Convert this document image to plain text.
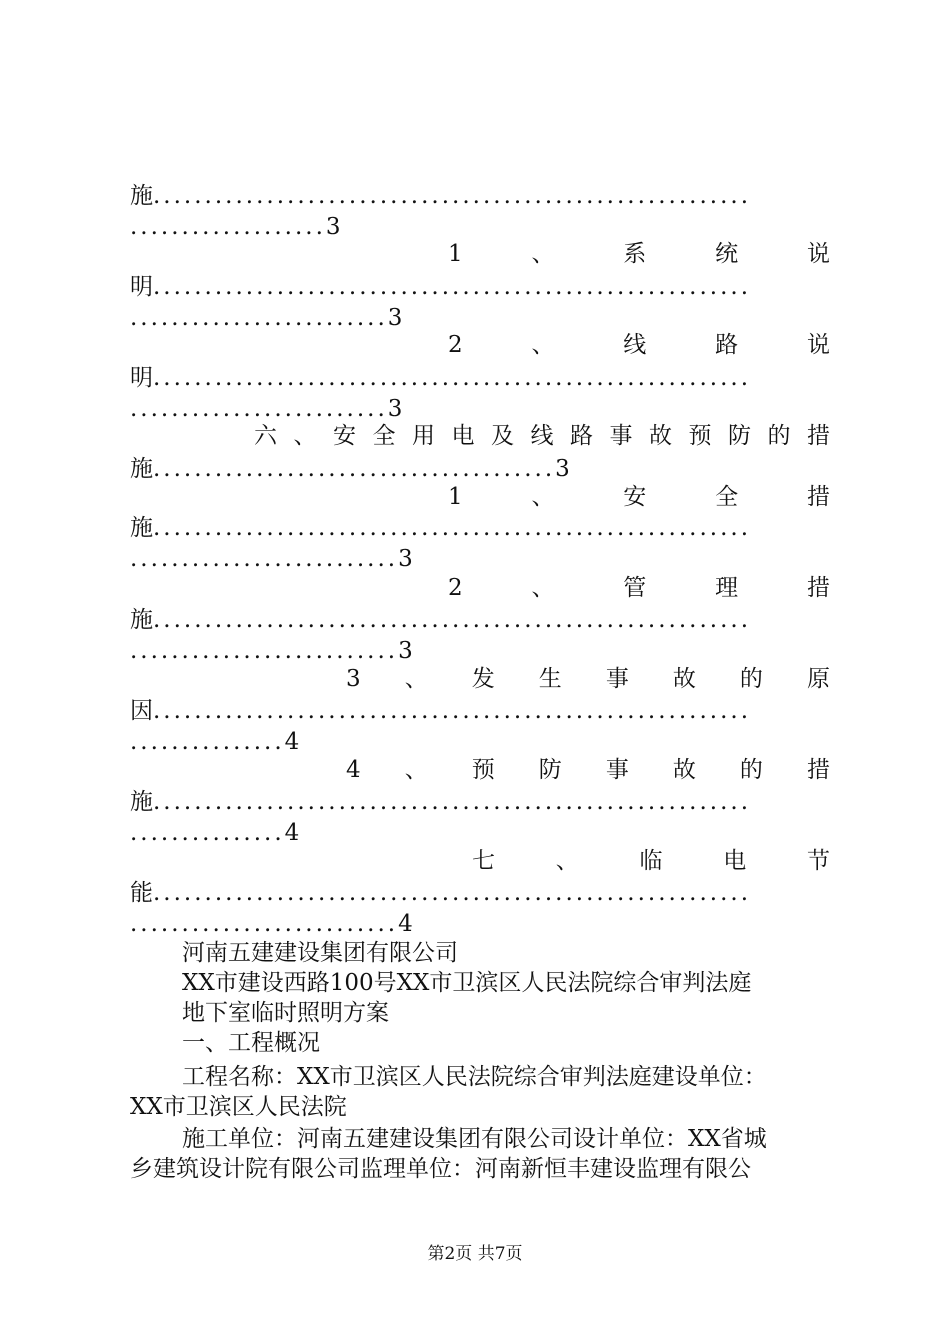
施..........................................................
...................3
1	、	系	统	说
明..........................................................
.........................3
2	、	线	路	说
明..........................................................
.........................3
六 、 安 全 用 电 及 线 路 事 故 预 防 的 措
施.......................................3
1	、	安	全	措
施..........................................................
..........................3
2	、	管	理	措
施..........................................................
..........................3
3 、 发 生 事 故 的 原
因..........................................................
...............4
4 、 预 防 事 故 的 措
施..........................................................
...............4
七	、	临	电	节
能..........................................................
..........................4
河南五建建设集团有限公司
XX市建设西路100号XX市卫滨区人民法院综合审判法庭
地下室临时照明方案
一、工程概况
工程名称：XX市卫滨区人民法院综合审判法庭建设单位：
XX市卫滨区人民法院
施工单位：河南五建建设集团有限公司设计单位：XX省城
乡建筑设计院有限公司监理单位：河南新恒丰建设监理有限公
第2页 共7页
